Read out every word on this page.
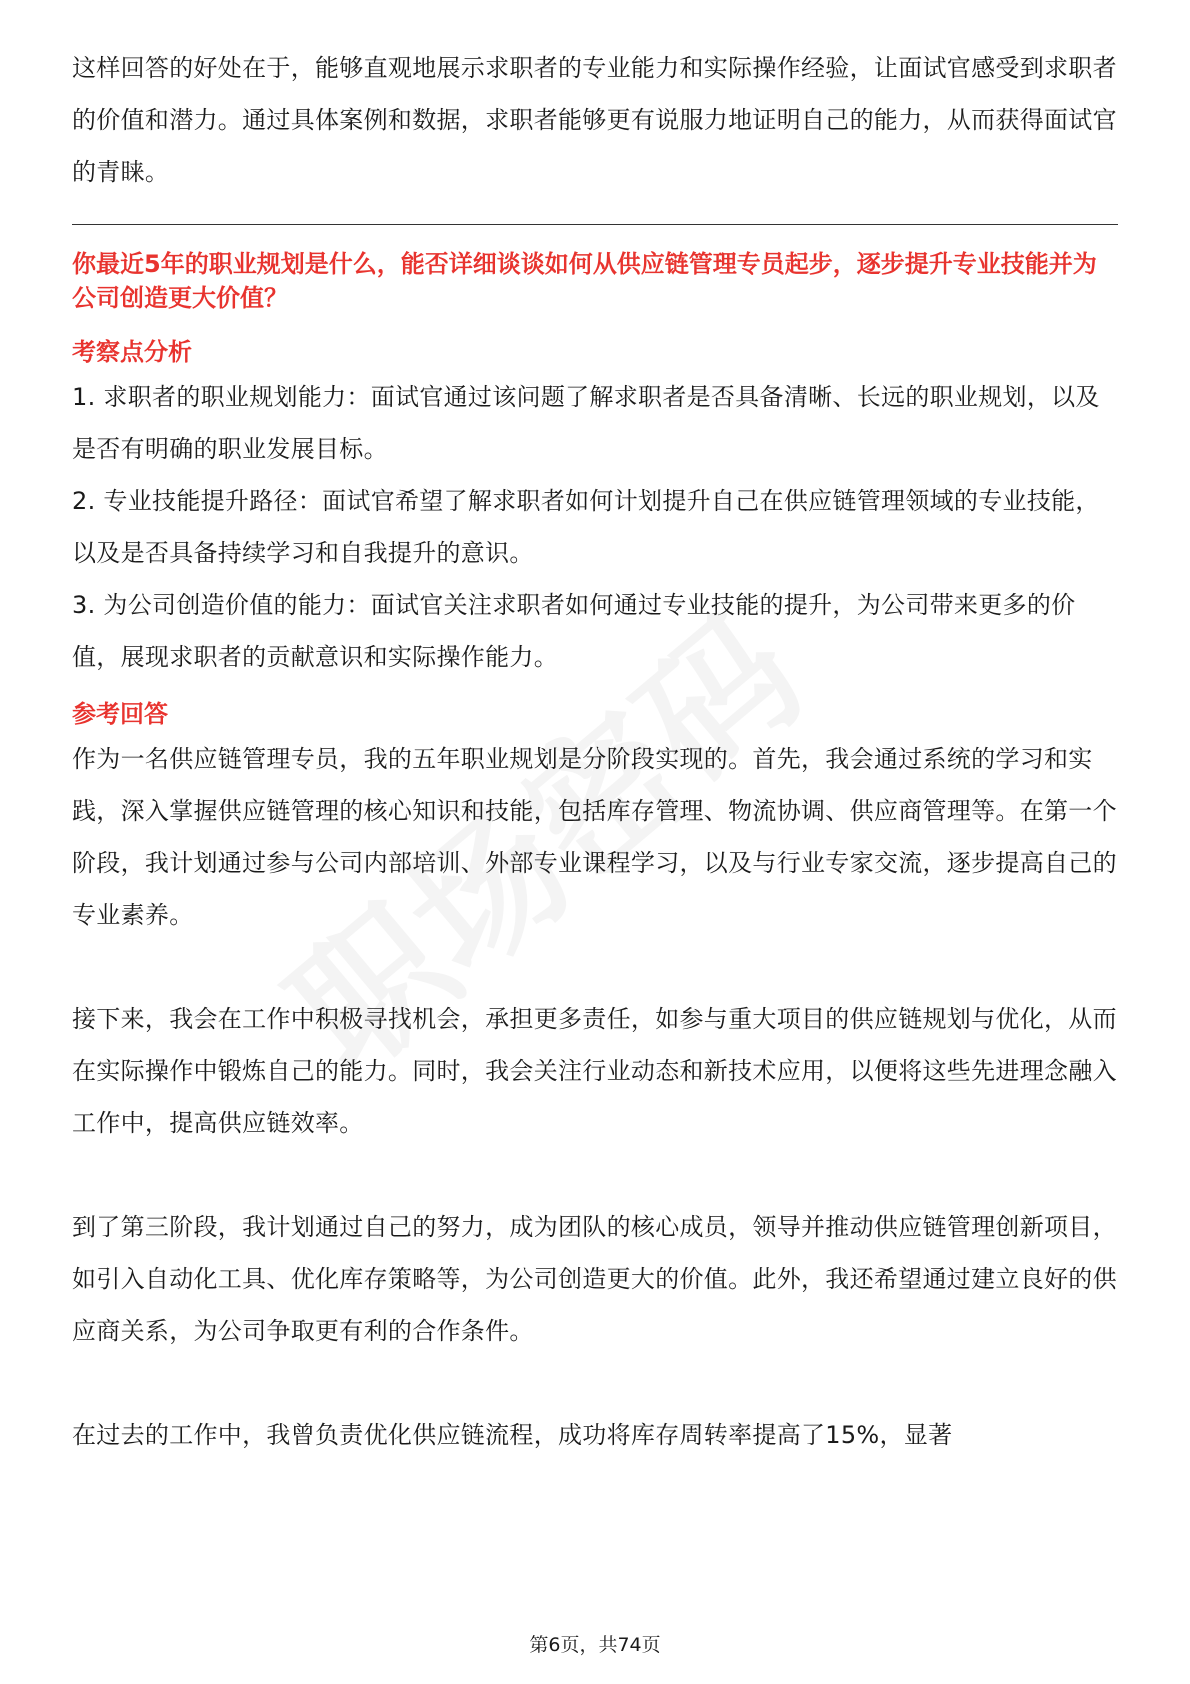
这样回答的好处在于，能够直观地展示求职者的专业能力和实际操作经验，让面试官感受到求职者的价值和潜力。通过具体案例和数据，求职者能够更有说服力地证明自己的能力，从而获得面试官的青睐。

你最近5年的职业规划是什么，能否详细谈谈如何从供应链管理专员起步，逐步提升专业技能并为公司创造更大价值？

考察点分析

1. 求职者的职业规划能力：面试官通过该问题了解求职者是否具备清晰、长远的职业规划，以及是否有明确的职业发展目标。

2. 专业技能提升路径：面试官希望了解求职者如何计划提升自己在供应链管理领域的专业技能，以及是否具备持续学习和自我提升的意识。

3. 为公司创造价值的能力：面试官关注求职者如何通过专业技能的提升，为公司带来更多的价值，展现求职者的贡献意识和实际操作能力。

参考回答

作为一名供应链管理专员，我的五年职业规划是分阶段实现的。首先，我会通过系统的学习和实践，深入掌握供应链管理的核心知识和技能，包括库存管理、物流协调、供应商管理等。在第一个阶段，我计划通过参与公司内部培训、外部专业课程学习，以及与行业专家交流，逐步提高自己的专业素养。

接下来，我会在工作中积极寻找机会，承担更多责任，如参与重大项目的供应链规划与优化，从而在实际操作中锻炼自己的能力。同时，我会关注行业动态和新技术应用，以便将这些先进理念融入工作中，提高供应链效率。

到了第三阶段，我计划通过自己的努力，成为团队的核心成员，领导并推动供应链管理创新项目，如引入自动化工具、优化库存策略等，为公司创造更大的价值。此外，我还希望通过建立良好的供应商关系，为公司争取更有利的合作条件。

在过去的工作中，我曾负责优化供应链流程，成功将库存周转率提高了15%，显著

第6页，共74页
